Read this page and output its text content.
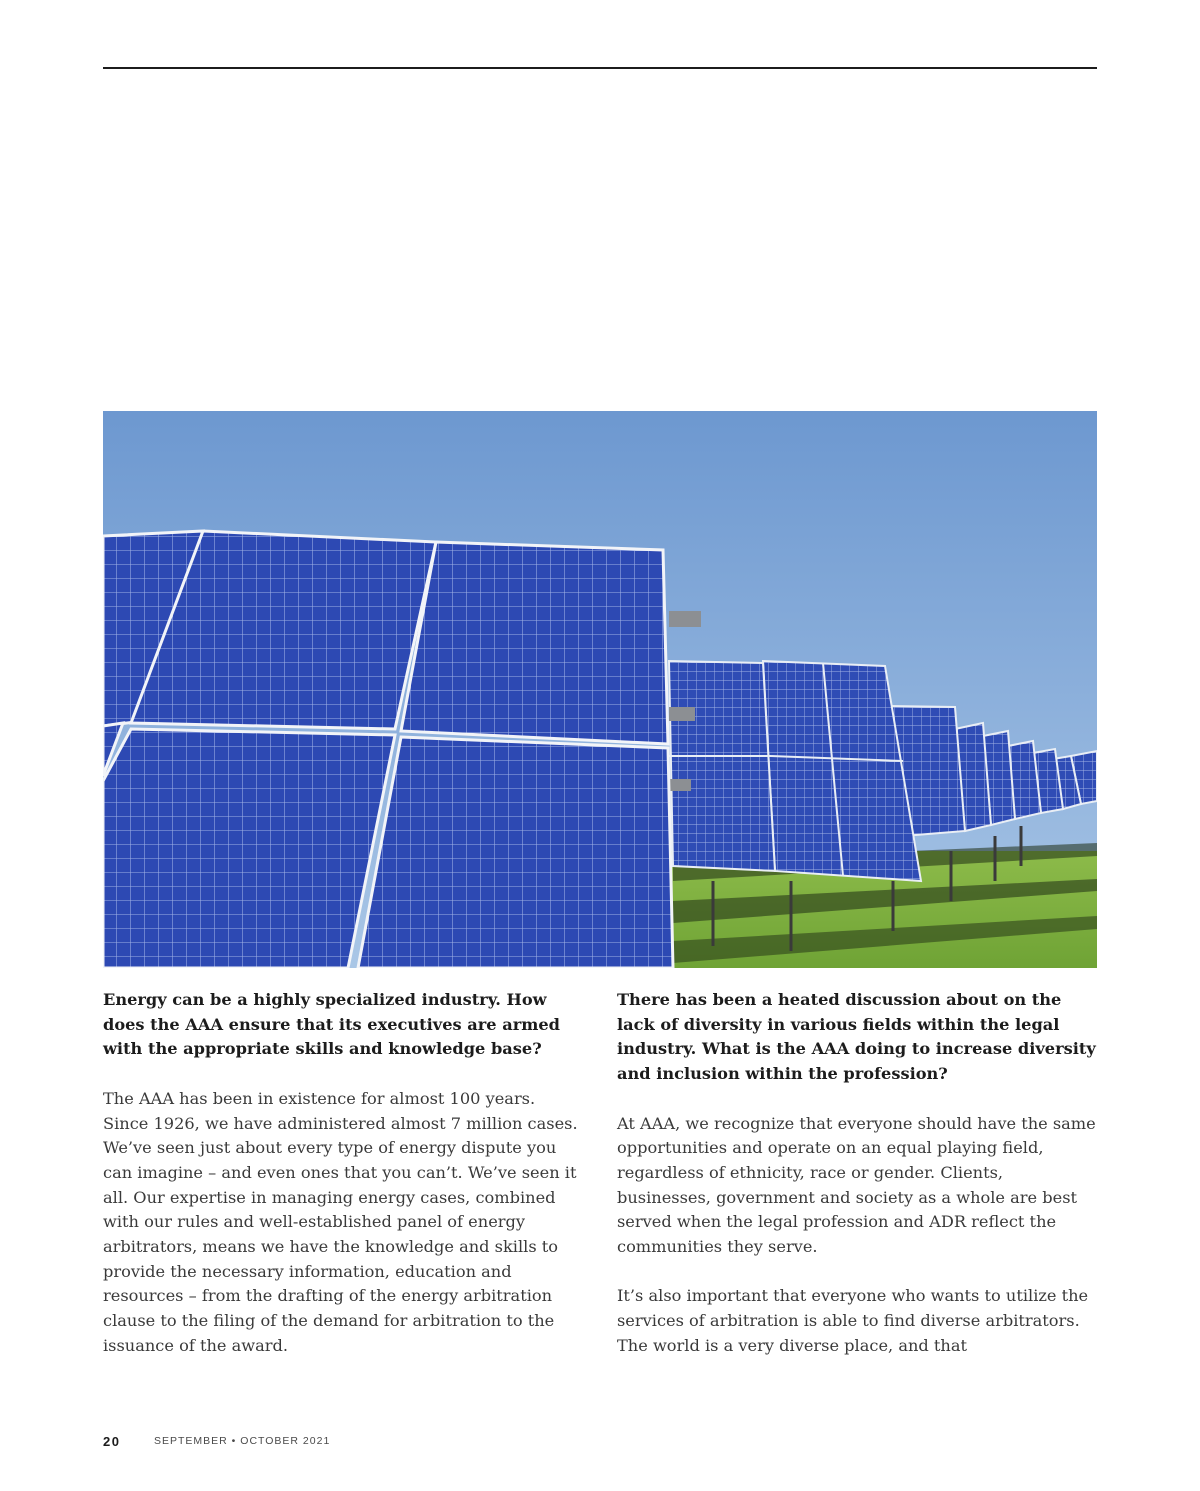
Energy can be a highly specialized industry. How does the AAA ensure that its executives are armed with the appropriate skills and knowledge base?

The AAA has been in existence for almost 100 years. Since 1926, we have administered almost 7 million cases. We’ve seen just about every type of energy dispute you can imagine – and even ones that you can’t. We’ve seen it all. Our expertise in managing energy cases, combined with our rules and well-established panel of energy arbitrators, means we have the knowledge and skills to provide the necessary information, education and resources – from the drafting of the energy arbitration clause to the filing of the demand for arbitration to the issuance of the award.

There has been a heated discussion about on the lack of diversity in various fields within the legal industry. What is the AAA doing to increase diversity and inclusion within the profession?

At AAA, we recognize that everyone should have the same opportunities and operate on an equal playing field, regardless of ethnicity, race or gender. Clients, businesses, government and society as a whole are best served when the legal profession and ADR reflect the communities they serve.

It’s also important that everyone who wants to utilize the services of arbitration is able to find diverse arbitrators. The world is a very diverse place, and that

20	SEPTEMBER • OCTOBER 2021
